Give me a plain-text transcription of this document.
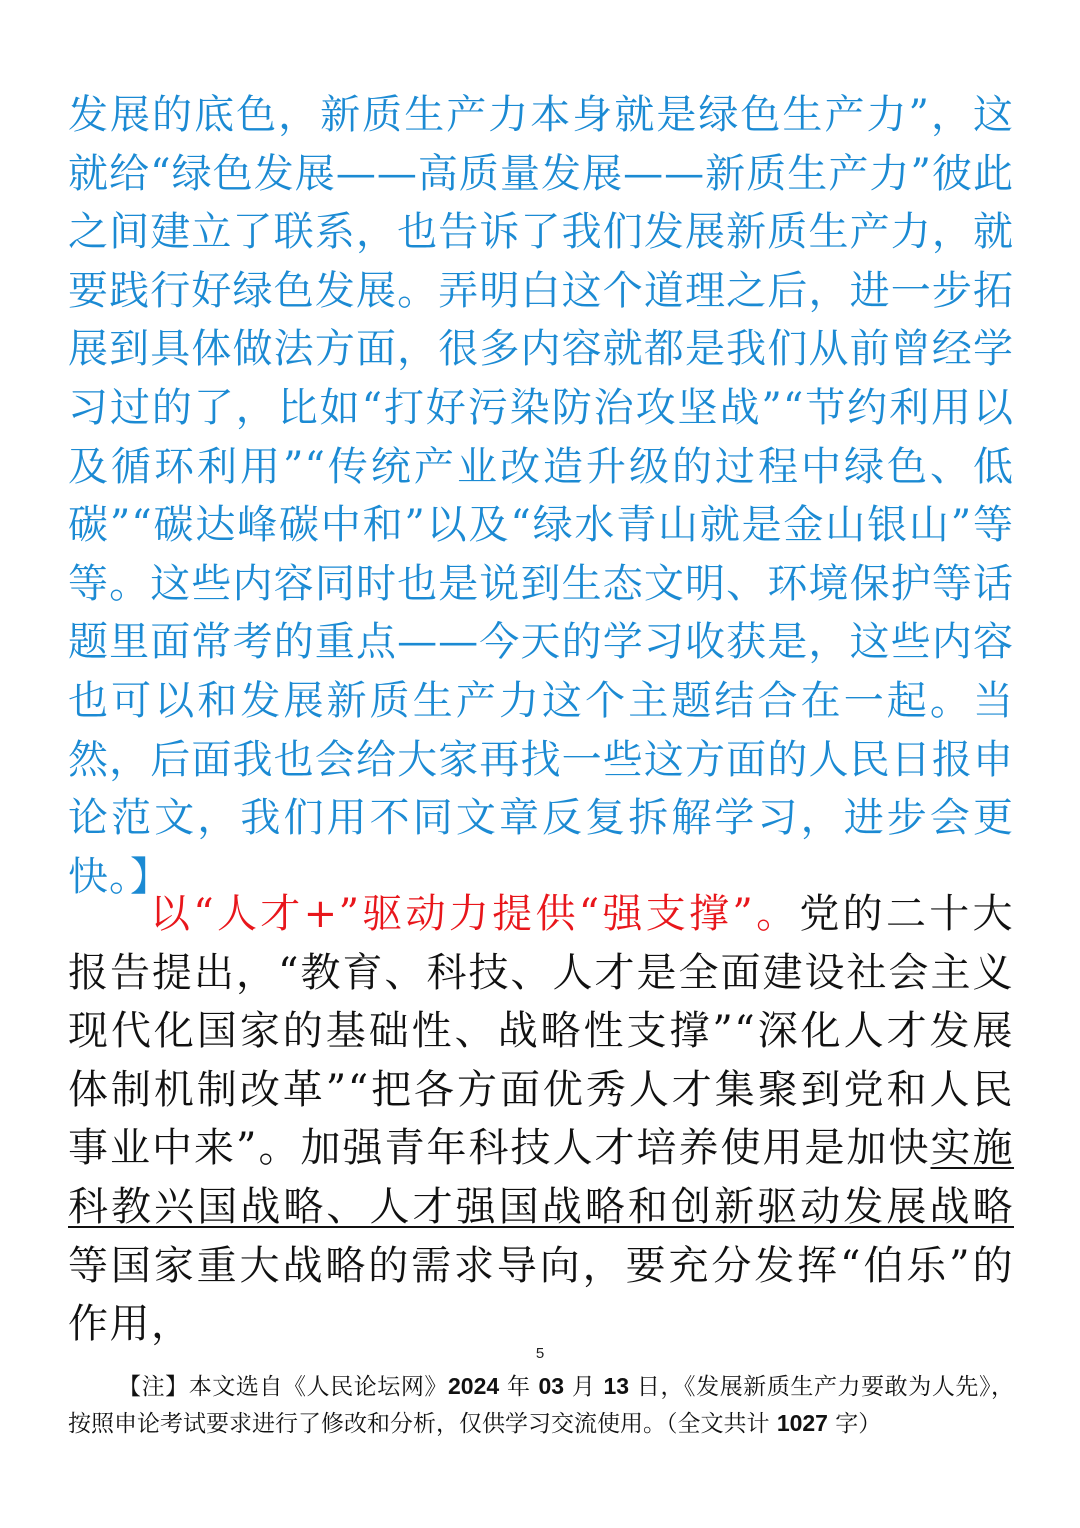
发展的底色，新质生产力本身就是绿色生产力”，这就给“绿色发展——高质量发展——新质生产力”彼此之间建立了联系，也告诉了我们发展新质生产力，就要践行好绿色发展。弄明白这个道理之后，进一步拓展到具体做法方面，很多内容就都是我们从前曾经学习过的了，比如“打好污染防治攻坚战”“节约利用以及循环利用”“传统产业改造升级的过程中绿色、低碳”“碳达峰碳中和”以及“绿水青山就是金山银山”等等。这些内容同时也是说到生态文明、环境保护等话题里面常考的重点——今天的学习收获是，这些内容也可以和发展新质生产力这个主题结合在一起。当然，后面我也会给大家再找一些这方面的人民日报申论范文，我们用不同文章反复拆解学习，进步会更快。】
以“人才+”驱动力提供“强支撑”。党的二十大报告提出，“教育、科技、人才是全面建设社会主义现代化国家的基础性、战略性支撑”“深化人才发展体制机制改革”“把各方面优秀人才集聚到党和人民事业中来”。加强青年科技人才培养使用是加快实施科教兴国战略、人才强国战略和创新驱动发展战略等国家重大战略的需求导向，要充分发挥“伯乐”的作用，
5
【注】本文选自《人民论坛网》2024 年 03 月 13 日，《发展新质生产力要敢为人先》，按照申论考试要求进行了修改和分析，仅供学习交流使用。（全文共计 1027 字）
